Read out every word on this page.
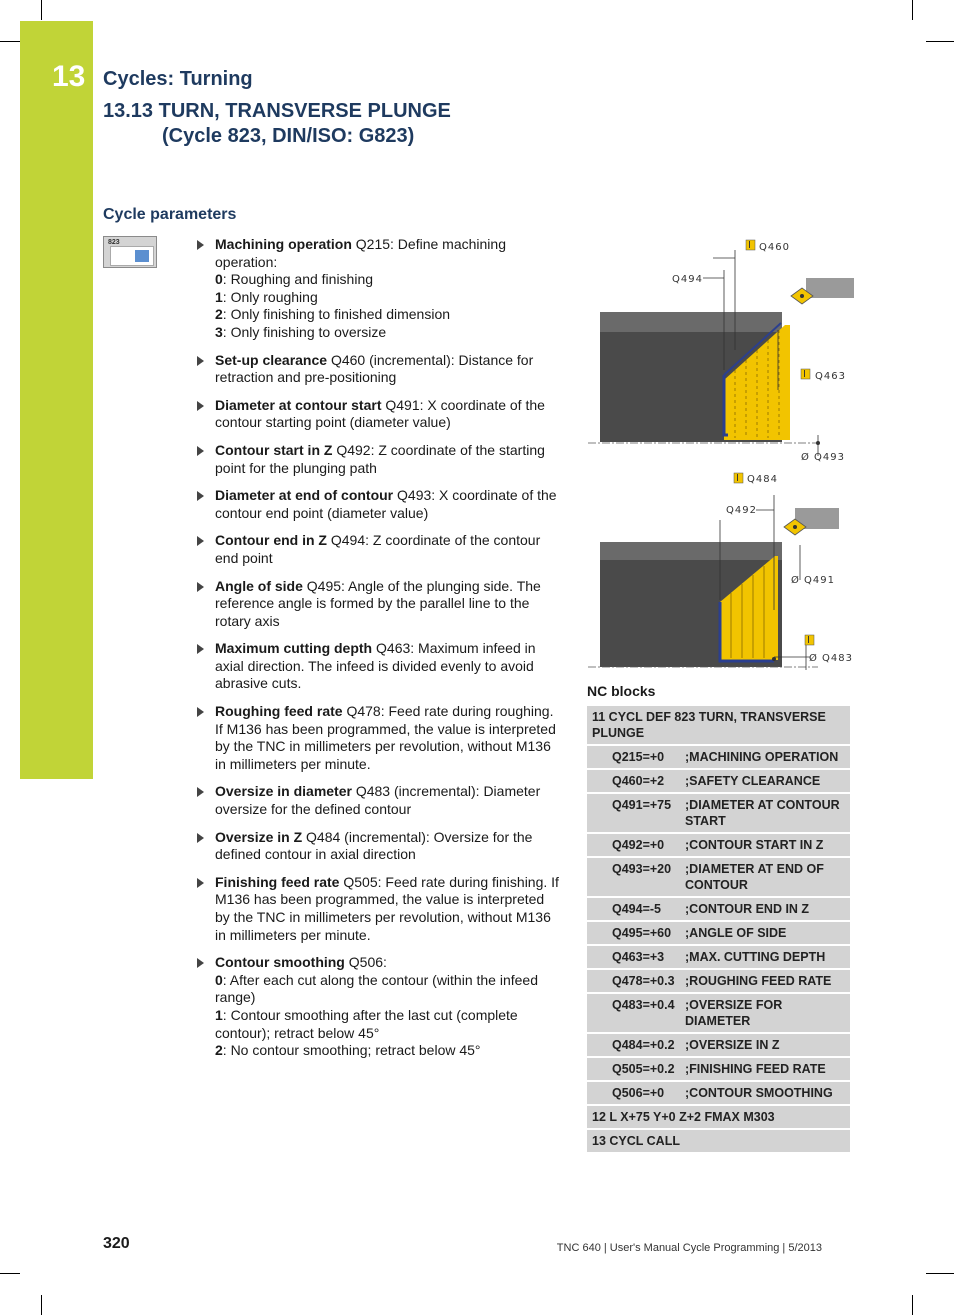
13 Cycles: Turning
13.13 TURN, TRANSVERSE PLUNGE
(Cycle 823, DIN/ISO: G823)
Cycle parameters
823	Machining operation Q215: Define machining operation:
0: Roughing and finishing
1: Only roughing
2: Only finishing to finished dimension
3: Only finishing to oversize
Set-up clearance Q460 (incremental): Distance for retraction and pre-positioning
Diameter at contour start Q491: X coordinate of the contour starting point (diameter value)
Contour start in Z Q492: Z coordinate of the starting point for the plunging path
Diameter at end of contour Q493: X coordinate of the contour end point (diameter value)
Contour end in Z Q494: Z coordinate of the contour end point
Angle of side Q495: Angle of the plunging side. The reference angle is formed by the parallel line to the rotary axis
Maximum cutting depth Q463: Maximum infeed in axial direction. The infeed is divided evenly to avoid abrasive cuts.
Roughing feed rate Q478: Feed rate during roughing. If M136 has been programmed, the value is interpreted by the TNC in millimeters per revolution, without M136 in millimeters per minute.
Oversize in diameter Q483 (incremental): Diameter oversize for the defined contour
Oversize in Z Q484 (incremental): Oversize for the defined contour in axial direction
Finishing feed rate Q505: Feed rate during finishing. If M136 has been programmed, the value is interpreted by the TNC in millimeters per revolution, without M136 in millimeters per minute.
Contour smoothing Q506:
0: After each cut along the contour (within the infeed range)
1: Contour smoothing after the last cut (complete contour); retract below 45°
2: No contour smoothing; retract below 45°
I Q460
Q494
I Q463
Ø Q493
I Q484
Q492
Ø Q491
I
Ø Q483
NC blocks
11 CYCL DEF 823 TURN, TRANSVERSE PLUNGE
Q215=+0	;MACHINING OPERATION
Q460=+2	;SAFETY CLEARANCE
Q491=+75	;DIAMETER AT CONTOUR START
Q492=+0	;CONTOUR START IN Z
Q493=+20	;DIAMETER AT END OF CONTOUR
Q494=-5	;CONTOUR END IN Z
Q495=+60	;ANGLE OF SIDE
Q463=+3	;MAX. CUTTING DEPTH
Q478=+0.3 ;ROUGHING FEED RATE
Q483=+0.4 ;OVERSIZE FOR DIAMETER
Q484=+0.2 ;OVERSIZE IN Z
Q505=+0.2 ;FINISHING FEED RATE
Q506=+0	;CONTOUR SMOOTHING
12 L X+75 Y+0 Z+2 FMAX M303
13 CYCL CALL
320	TNC 640 | User's Manual Cycle Programming | 5/2013
